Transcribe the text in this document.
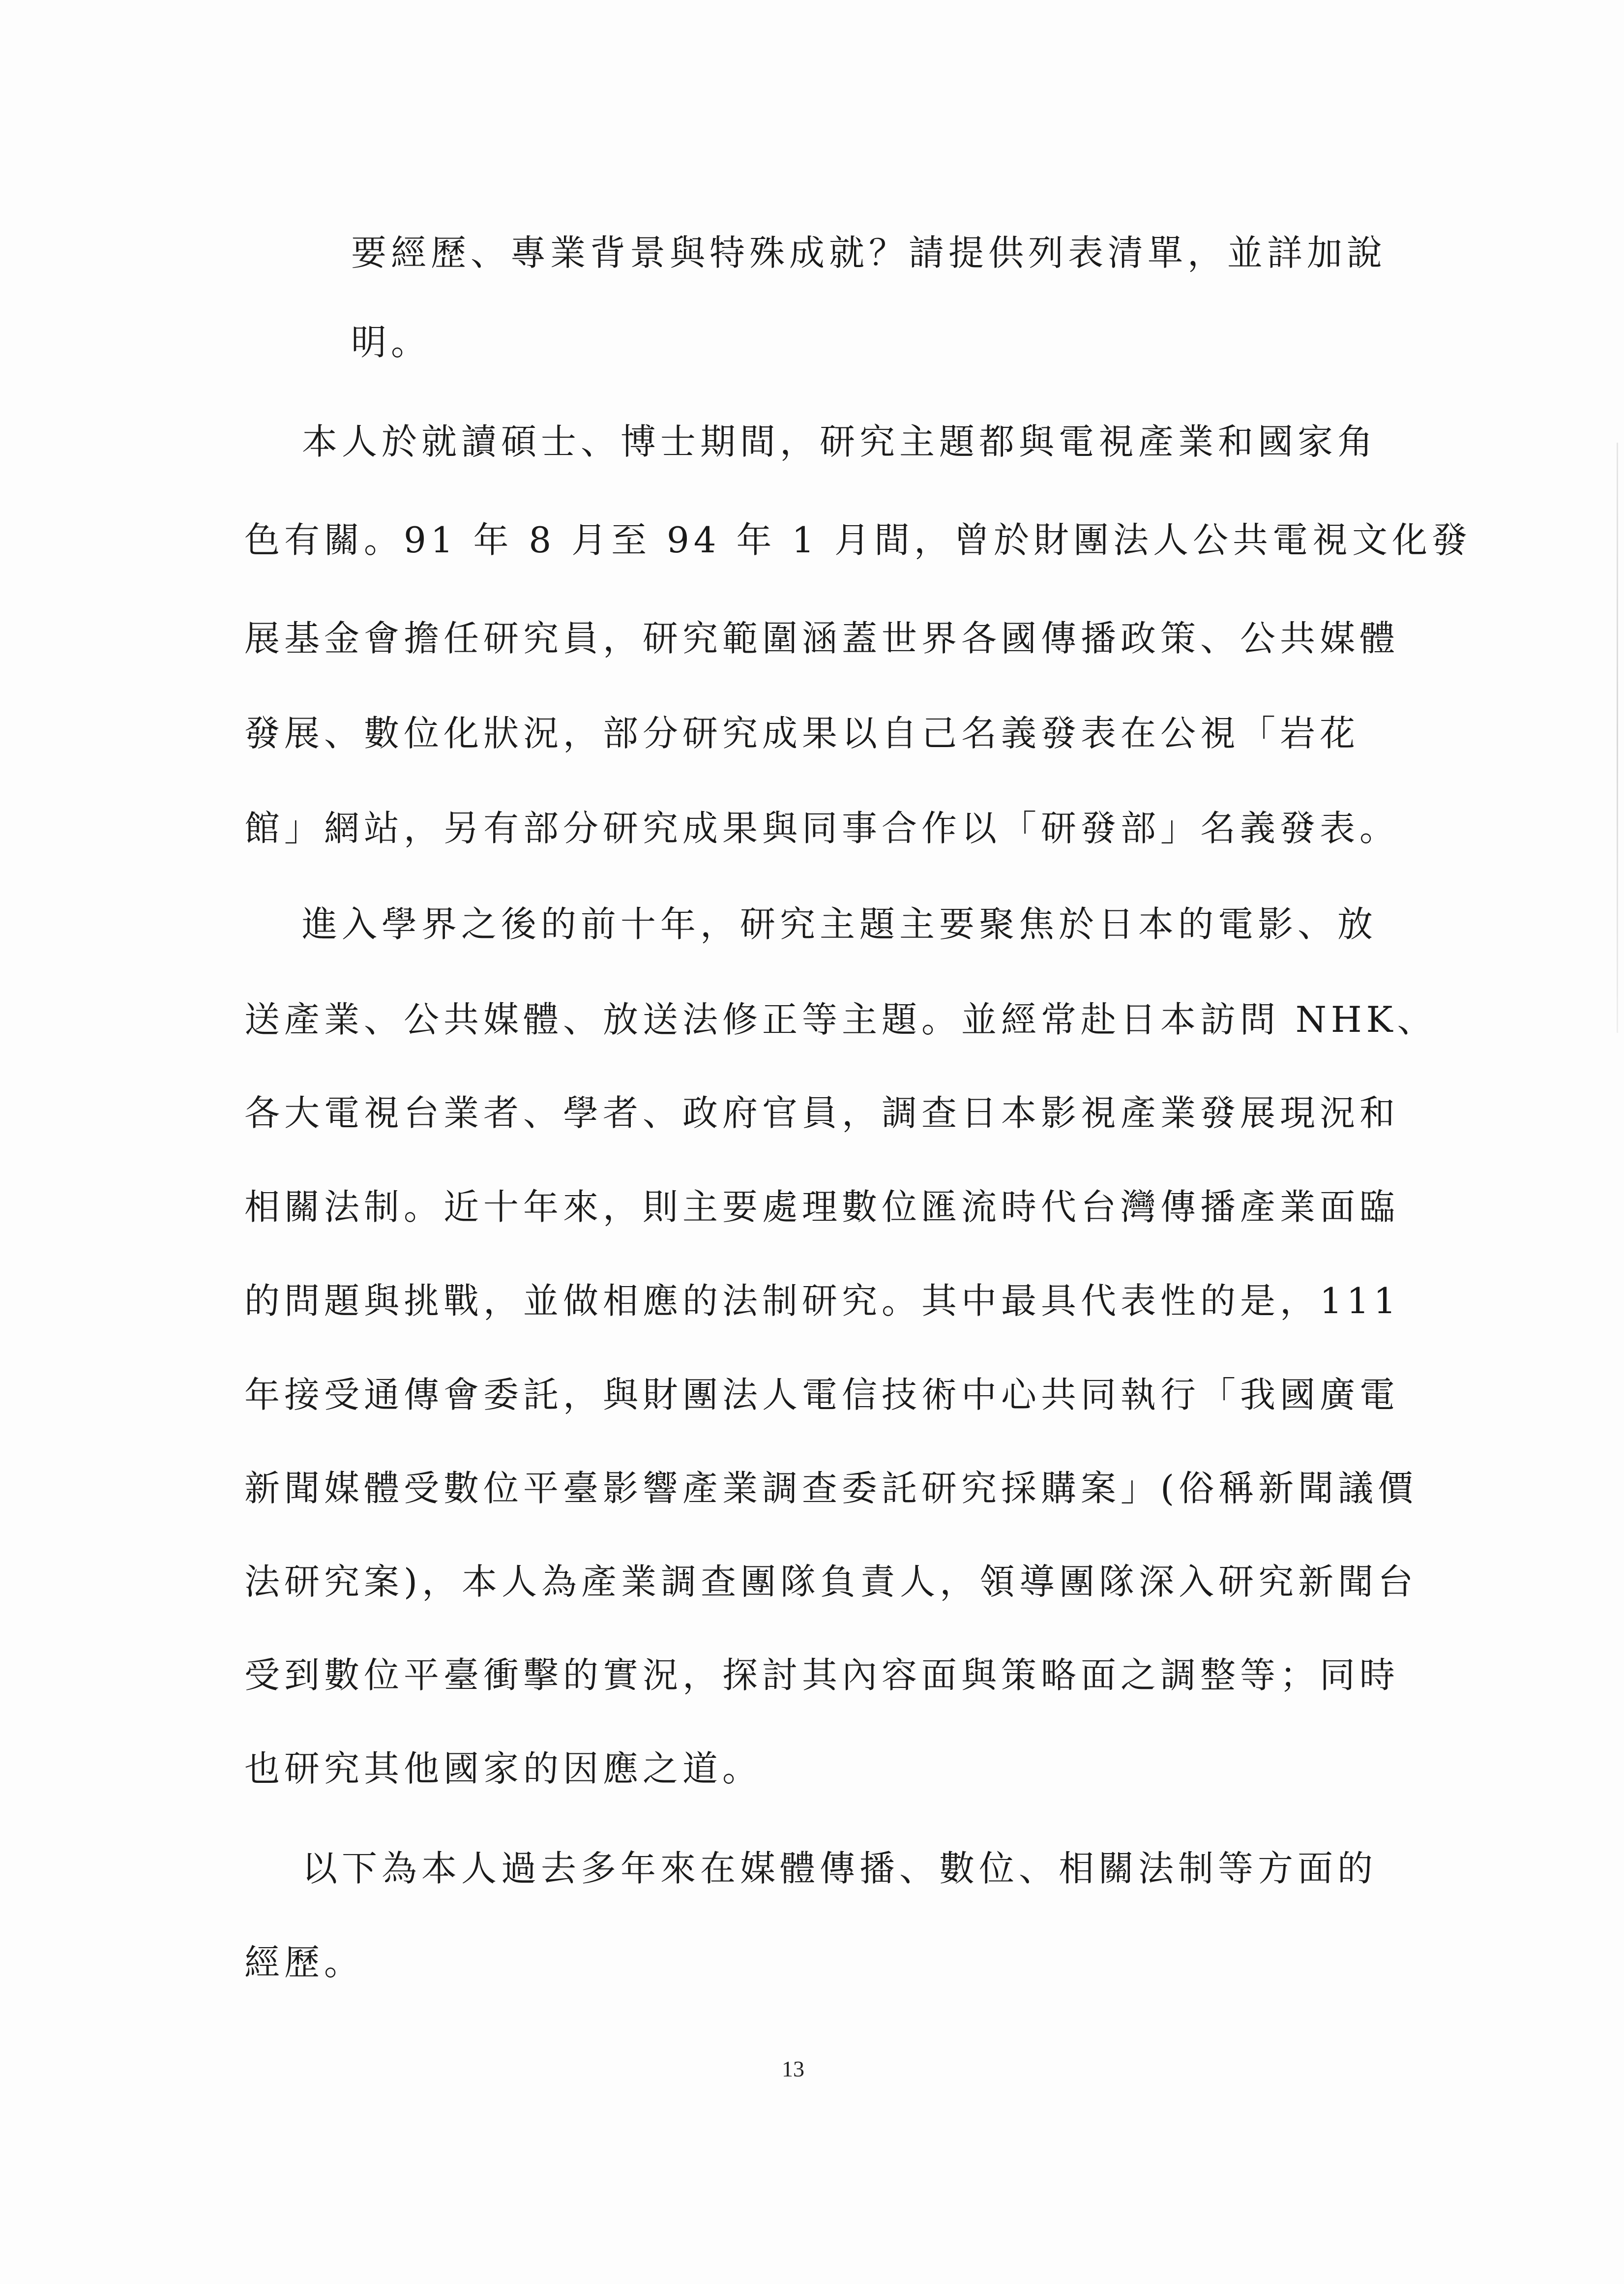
要經歷、專業背景與特殊成就？請提供列表清單，並詳加說
明。
本人於就讀碩士、博士期間，研究主題都與電視產業和國家角
色有關。91 年 8 月至 94 年 1 月間，曾於財團法人公共電視文化發
展基金會擔任研究員，研究範圍涵蓋世界各國傳播政策、公共媒體
發展、數位化狀況，部分研究成果以自己名義發表在公視「岩花
館」網站，另有部分研究成果與同事合作以「研發部」名義發表。
進入學界之後的前十年，研究主題主要聚焦於日本的電影、放
送產業、公共媒體、放送法修正等主題。並經常赴日本訪問 NHK、
各大電視台業者、學者、政府官員，調查日本影視產業發展現況和
相關法制。近十年來，則主要處理數位匯流時代台灣傳播產業面臨
的問題與挑戰，並做相應的法制研究。其中最具代表性的是，111
年接受通傳會委託，與財團法人電信技術中心共同執行「我國廣電
新聞媒體受數位平臺影響產業調查委託研究採購案」(俗稱新聞議價
法研究案)，本人為產業調查團隊負責人，領導團隊深入研究新聞台
受到數位平臺衝擊的實況，探討其內容面與策略面之調整等；同時
也研究其他國家的因應之道。
以下為本人過去多年來在媒體傳播、數位、相關法制等方面的
經歷。
13
